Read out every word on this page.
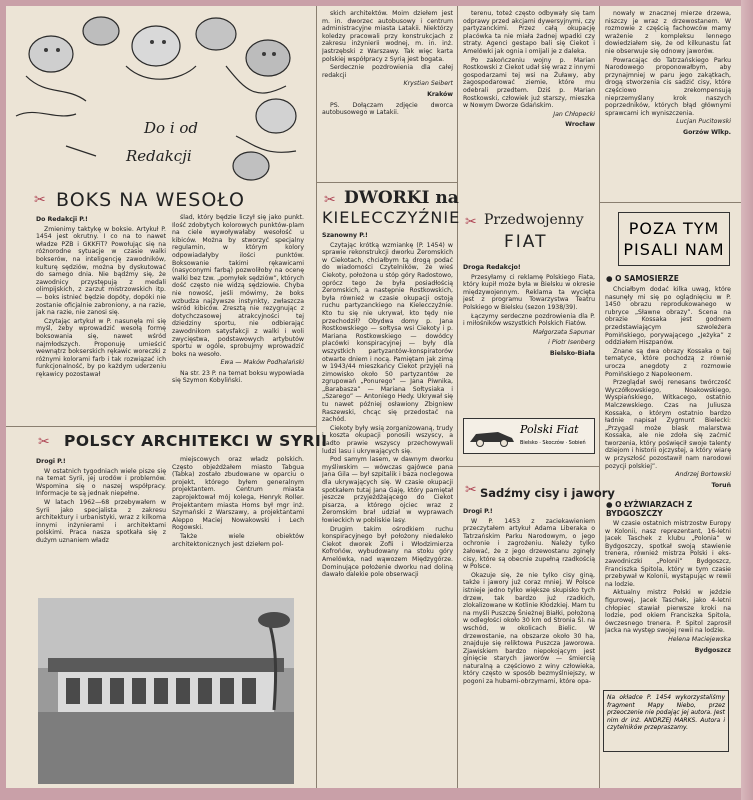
Do i od
Redakcji
✂ BOKS NA WESOŁO

Do Redakcji P.!

Zmienimy taktykę w boksie. Artykuł P. 1454 jest okrutny. I co na to nawet władze PZB i GKKFiT? Powołując się na różnorodne sytuacje w czasie walki bokserów, na inteligencję zawodników, kulturę sędziów, można by dyskutować do samego dnia. Nie bądźmy się, że zawodnicy przystępują z medali olimpijskich, z zarzut mistrzowskich itp. — boks istnieć będzie dopóty, dopóki nie zostanie oficjalnie zabroniony, a na razie, jak na razie, nie zanosi się.

Czytając artykuł w P. nasunęła mi się myśl, żeby wprowadzić wesołą formę boksowania się, nawet wśród najmłodszych. Proponuję umieścić wewnątrz bokserskich rękawic woreczki z różnymi kolorami farb i tak rozwiązać ich funkcjonalność, by po każdym uderzeniu rękawicy pozostawał

ślad, który będzie liczył się jako punkt. Ilość zdobytych kolorowych punktów-plam na ciele wywoływałaby wesołość u kibiców. Można by stworzyć specjalny regulamin, w którym kolory odpowiadałyby ilości punktów. Boksowanie takimi rękawicami (nasyconymi farbą) pozwoliłoby na ocenę walki bez tzw. „pomyłek sędziów”, których dość często nie widzą sędziowie. Chyba nie nowość, jeśli mówimy, że boks wzbudza najżywsze instynkty, zwłaszcza wśród kibiców. Zresztą nie rezygnując z dotychczasowej atrakcyjności tej dziedziny sportu, nie odbierając zawodnikom satysfakcji z walki i woli zwycięstwa, podstawowych artybutów sportu w ogóle, sprobujmy wprowadzić boks na wesoło.

Ewa — Maków Podhalański

Na str. 23 P. na temat boksu wypowiada się Szymon Kobyliński.

✂ POLSCY ARCHITEKCI W SYRII

Drogi P.!

W ostatnich tygodniach wiele pisze się na temat Syrii, jej urodów i problemów. Wspomina się o naszej współpracy. Informacje te są jednak niepełne.

W latach 1962—68 przebywałem w Syrii jako specjalista z zakresu architektury i urbanistyki, wraz z kilkoma innymi inżynierami i architektami polskimi. Praca nasza spotkała się z dużym uznaniem władz

miejscowych oraz władz polskich. Często objeżdżałem miasto Tabgua (Tabka) zostało zbudowane w oparciu o projekt, którego byłem generalnym projektantem. Centrum miasta zaprojektował mój kolega, Henryk Roller. Projektantem miasta Homs był mgr inż. Szymański z Warszawy, a projektantami Aleppo Maciej Nowakowski i Lech Rogowski.

Także wiele obiektów architektonicznych jest dziełem pol-

skich architektów. Moim dziełem jest m. in. dworzec autobusowy i centrum administracyjne miasta Latakii. Niektórzy koledzy pracowali przy konstrukcjach z zakresu inżynierii wodnej, m. in. inż. Jastrzębski z Warszawy. Tak więc karta polskiej współpracy z Syrią jest bogata.

Serdecznie pozdrowienia dla całej redakcji

Krystian Seibert

Kraków

PS. Dołączam zdjęcie dworca autobusowego w Latakii.

✂ DWORKI na
KIELECCZYŹNIE

Szanowny P.!

Czytając krótką wzmiankę (P. 1454) w sprawie rekonstrukcji dworku Żeromskich w Ciekotach, chciałbym tą drogą podać do wiadomości Czytelników, że wieś Ciekoty, położona u stóp góry Radostowo, oprócz tego że była posiadłością Żeromskich, a następnie Rostkowskich, była również w czasie okupacji ostoją ruchu partyzanckiego na Kielecczyźnie. Kto tu się nie ukrywał, kto tędy nie przechodził? Obydwa domy p. Jana Rostkowskiego — sołtysa wsi Ciekoty i p. Mariana Rostkowskiego — dowódcy placówki konspiracyjnej — były dla wszystkich partyzantów-konspiratorów otwarte dniem i nocą. Pamiętam jak zimą w 1943/44 mieszkańcy Ciekot przyjęli na zimowisko około 50 partyzantów ze zgrupowań „Ponurego” — Jana Piwnika, „Barabasza” — Mariana Sołtysiaka i „Szarego” — Antoniego Hedy. Ukrywał się tu nawet później osławiony Zbigniew Raszewski, chcąc się przedostać na zachód.

Ciekoty były wsią zorganizowaną, trudy i koszta okupacji ponosili wszyscy, a nadto prawie wszyscy przechowywali ludzi lasu i ukrywających się.

Pod samym lasem, w dawnym dworku myśliwskim — wówczas gajówce pana Jana Gila — był szpitalik i baza noclegowa dla ukrywających się. W czasie okupacji spotkałem tutaj Jana Gaję, który pamiętał jeszcze przyjeżdżającego do Ciekot pisarza, a którego ojciec wraz z Żeromskim brał udział w wyprawach łowieckich w pobliskie lasy.

Drugim takim ośrodkiem ruchu konspiracyjnego był położony niedaleko Ciekot dworek Zofii i Włodzimierza Kofrońów, wybudowany na stoku góry Amelówka, nad wąwozem Międzygórze. Dominujące położenie dworku nad doliną dawało dalekie pole obserwacji

terenu, toteż często odbywały się tam odprawy przed akcjami dywersyjnymi, czy partyzanckimi. Przez całą okupację placówka ta nie miała żadnej wpadki czy straty. Agenci gestapo bali się Ciekot i Amelówki jak ognia i omijali je z daleka.

Po zakończeniu wojny p. Marian Rostkowski z Ciekot udał się wraz z innymi gospodarzami tej wsi na Żuławy, aby zagospodarować ziemie, które mu odebrali przedtem. Dziś p. Marian Rostkowski, człowiek już starszy, mieszka w Nowym Dworze Gdańskim.

Jan Chłopecki

Wrocław

✂ Przedwojenny
FIAT

Droga Redakcjo!

Przesyłamy ci reklamę Polskiego Fiata, który kupił może była w Bielsku w okresie międzywojennym. Reklama ta wycięta jest z programu Towarzystwa Teatru Polskiego w Bielsku (sezon 1938/39).

Łączymy serdeczne pozdrowienia dla P. i miłośników wszystkich Polskich Fiatów.

Małgorzata Sapunar

i Piotr Isenberg

Bielsko-Biała

Polski Fiat
Bielsko · Skoczów · Sobień
✂ Sadźmy cisy i jawory

Drogi P.!

W P. 1453 z zaciekawieniem przeczytałem artykuł Adama Liberaka o Tatrzańskim Parku Narodowym, o jego ochronie i zagrożeniu. Należy tylko żałować, że z jego drzewostanu zginęły cisy, które są obecnie zupełną rzadkością w Polsce.

Okazuje się, że nie tylko cisy giną, także i jawory już coraz mniej. W Polsce istnieje jedno tylko większe skupisko tych drzew, tak bardzo już rzadkich, zlokalizowane w Kotlinie Kłodzkiej. Mam tu na myśli Puszczę Śnieżnej Białki, położoną w odległości około 30 km od Stronia Śl. na wschód, w okolicach Bielic. W drzewostanie, na obszarze około 30 ha, znajduje się reliktowa Puszcza Jaworowa. Zjawiskiem bardzo niepokojącym jest ginięcie starych jaworów — śmiercią naturalną a częściowo z winy człowieka, który często w sposób bezmyślniejszy, w pogoni za hubami-obrzymami, które opa-

nowały w znacznej mierze drzewa, niszczy je wraz z drzewostanem. W rozmowie z częścią fachowców mamy wrażenie z kompleksu lennego dowiedziałem się, że od kilkunastu lat nie obserwuje się odnowy jaworów.

Powracając do Tatrzańskiego Parku Narodowego proponowałbym, aby przynajmniej w paru jego zakątkach, drogą stworzenia cis sadzić cisy, które częściowo zrekompensują nieprzemyślany krok naszych poprzedników, których błąd głównymi sprawcami ich wyniszczenia.

Lucjan Pucitowski

Gorzów Wlkp.

POZA TYM
PISALI NAM
● O SAMOSIERZE

Chciałbym dodać kilka uwag, które nasunęły mi się po oglądnięciu w P. 1450 obrazu reprodukowanego w rubryce „Sławne obrazy”. Scena na obrazie Kossaka jest godnem przedstawiającym szwoleżera Pomińskiego, porywającego „Jeżyka” z oddziałem Hiszpanów.

Znane są dwa obrazy Kossaka o tej tematyce, które pochodzą z równie urocza anegdoty z rozmowie Pomińskiego z Napoleonem.

Przeglądał swój renesans twórczość Wyczółkowskiego, Noakowskiego, Wyspiańskiego, Witkacego, ostatnio Malczewskiego. Czas na Juliusza Kossaka, o którym ostatnio bardzo ładnie napisał Zygmunt Bielecki: „Przygaśl może blask malarstwa Kossaka, ale nie zdoła się zaćmić tworzenia, który poświęcił swoje talenty dziejom i historii ojczystej, a który wiarę w przyszłość pozostawił nam narodowi pozycji polskiej”.

Andrzej Bortowski

Toruń

● O ŁYŻWIARZACH Z BYDGOSZCZY

W czasie ostatnich mistrzostw Europy w Kolonii, nasz reprezentant, 16-letni Jacek Taschek z klubu „Polonia” w Bydgoszczy, spotkał swoją stawienie trenera, również mistrza Polski i eks-zawodniczki „Polonii” Bydgoszcz, Franciszka Spitola, który w tym czasie przebywał w Kolonii, wystąpując w rewii na lodzie.

Aktualny mistrz Polski w jeździe figurowej, Jacek Taschek, jako 4-letni chłopiec stawiał pierwsze kroki na lodzie, pod okiem Franciszka Spitola, ówczesnego trenera. P. Spitol zaprosił Jacka na występ swojej rewii na lodzie.

Helena Maciejewska

Bydgoszcz

Na okładce P. 1454 wykorzystaliśmy fragment Mapy Niebo, przez przeoczenie nie podając jej autora. Jest nim dr inż. ANDRZEJ MARKS. Autora i czytelników przepraszamy.
